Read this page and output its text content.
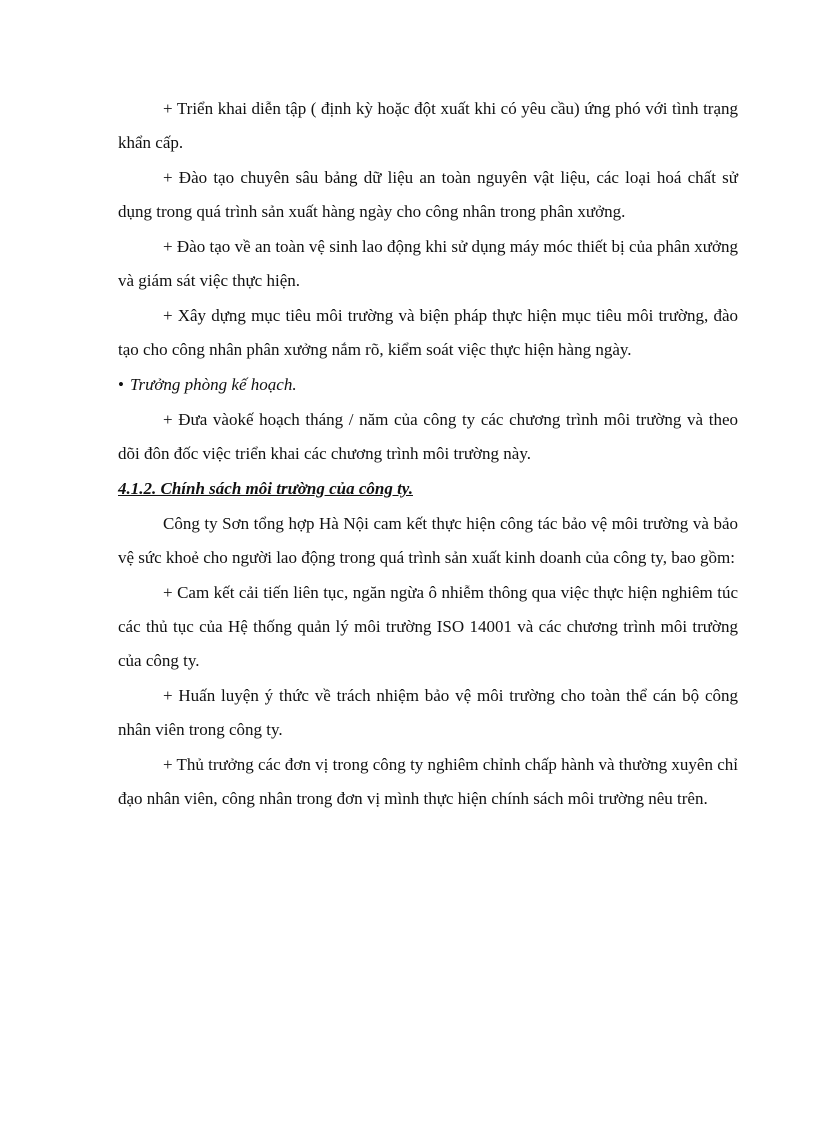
+ Triển khai diễn tập ( định kỳ hoặc đột xuất khi có yêu cầu) ứng phó với tình trạng khẩn cấp.

+ Đào tạo chuyên sâu bảng dữ liệu an toàn nguyên vật liệu, các loại hoá chất sử dụng trong quá trình sản xuất hàng ngày cho công nhân trong phân xưởng.

+ Đào tạo về an toàn vệ sinh lao động khi sử dụng máy móc thiết bị của phân xưởng và giám sát việc thực hiện.

+ Xây dựng mục tiêu môi trường và biện pháp thực hiện mục tiêu môi trường, đào tạo cho công nhân phân xưởng nắm rõ, kiểm soát việc thực hiện hàng ngày.

• Trưởng phòng kế hoạch.

+ Đưa vàokế hoạch tháng / năm của công ty các chương trình môi trường và theo dõi đôn đốc việc triển khai các chương trình môi trường này.

4.1.2. Chính sách môi trường của công ty.

Công ty Sơn tổng hợp Hà Nội cam kết thực hiện công tác bảo vệ môi trường và bảo vệ sức khoẻ cho người lao động trong quá trình sản xuất kinh doanh của công ty, bao gồm:

+ Cam kết cải tiến liên tục, ngăn ngừa ô nhiễm thông qua việc thực hiện nghiêm túc các thủ tục của Hệ thống quản lý môi trường ISO 14001 và các chương trình môi trường của công ty.

+ Huấn luyện ý thức về trách nhiệm bảo vệ môi trường cho toàn thể cán bộ công nhân viên trong công ty.

+ Thủ trưởng các đơn vị trong công ty nghiêm chỉnh chấp hành và thường xuyên chỉ đạo nhân viên, công nhân trong đơn vị mình thực hiện chính sách môi trường nêu trên.
